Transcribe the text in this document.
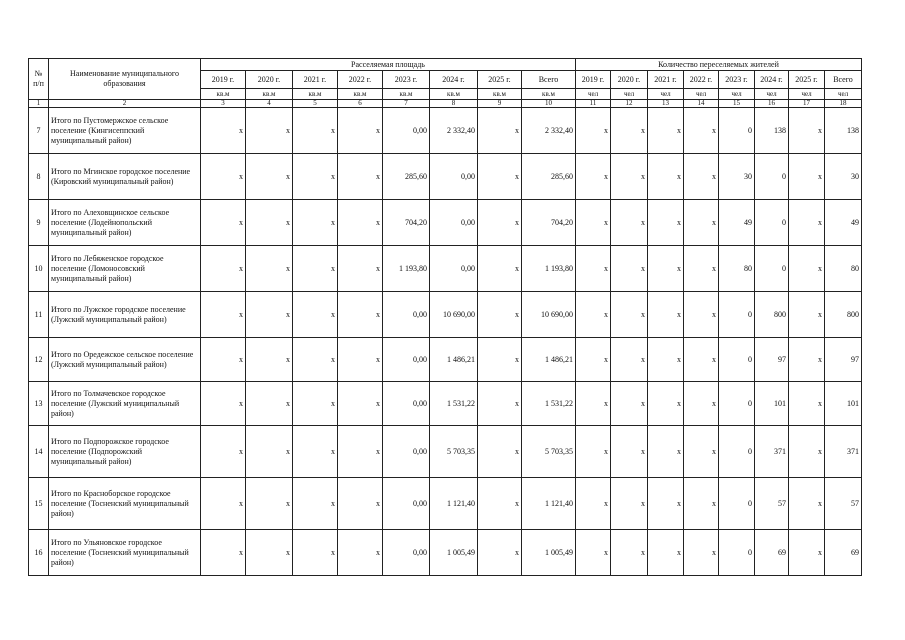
№ п/п	Наименование муниципального образования	Расселяемая площадь								Количество переселяемых жителей							
		2019 г.	2020 г.	2021 г.	2022 г.	2023 г.	2024 г.	2025 г.	Всего	2019 г.	2020 г.	2021 г.	2022 г.	2023 г.	2024 г.	2025 г.	Всего
		кв.м	кв.м	кв.м	кв.м	кв.м	кв.м	кв.м	кв.м	чел	чел	чел	чел	чел	чел	чел	чел
1	2	3	4	5	6	7	8	9	10	11	12	13	14	15	16	17	18
7	Итого по Пустомержское сельское поселение (Кингисеппский муниципальный район)	x	x	x	x	0,00	2 332,40	x	2 332,40	x	x	x	x	0	138	x	138
8	Итого по Мгинское городское поселение (Кировский муниципальный район)	x	x	x	x	285,60	0,00	x	285,60	x	x	x	x	30	0	x	30
9	Итого по Алеховщинское сельское поселение (Лодейнопольский муниципальный район)	x	x	x	x	704,20	0,00	x	704,20	x	x	x	x	49	0	x	49
10	Итого по Лебяженское городское поселение (Ломоносовский муниципальный район)	x	x	x	x	1 193,80	0,00	x	1 193,80	x	x	x	x	80	0	x	80
11	Итого по Лужское городское поселение (Лужский муниципальный район)	x	x	x	x	0,00	10 690,00	x	10 690,00	x	x	x	x	0	800	x	800
12	Итого по Оредежское сельское поселение (Лужский муниципальный район)	x	x	x	x	0,00	1 486,21	x	1 486,21	x	x	x	x	0	97	x	97
13	Итого по Толмачевское городское поселение (Лужский муниципальный район)	x	x	x	x	0,00	1 531,22	x	1 531,22	x	x	x	x	0	101	x	101
14	Итого по Подпорожское городское поселение (Подпорожский муниципальный район)	x	x	x	x	0,00	5 703,35	x	5 703,35	x	x	x	x	0	371	x	371
15	Итого по Красноборское городское поселение (Тосненский муниципальный район)	x	x	x	x	0,00	1 121,40	x	1 121,40	x	x	x	x	0	57	x	57
16	Итого по Ульяновское городское поселение (Тосненский муниципальный район)	x	x	x	x	0,00	1 005,49	x	1 005,49	x	x	x	x	0	69	x	69
